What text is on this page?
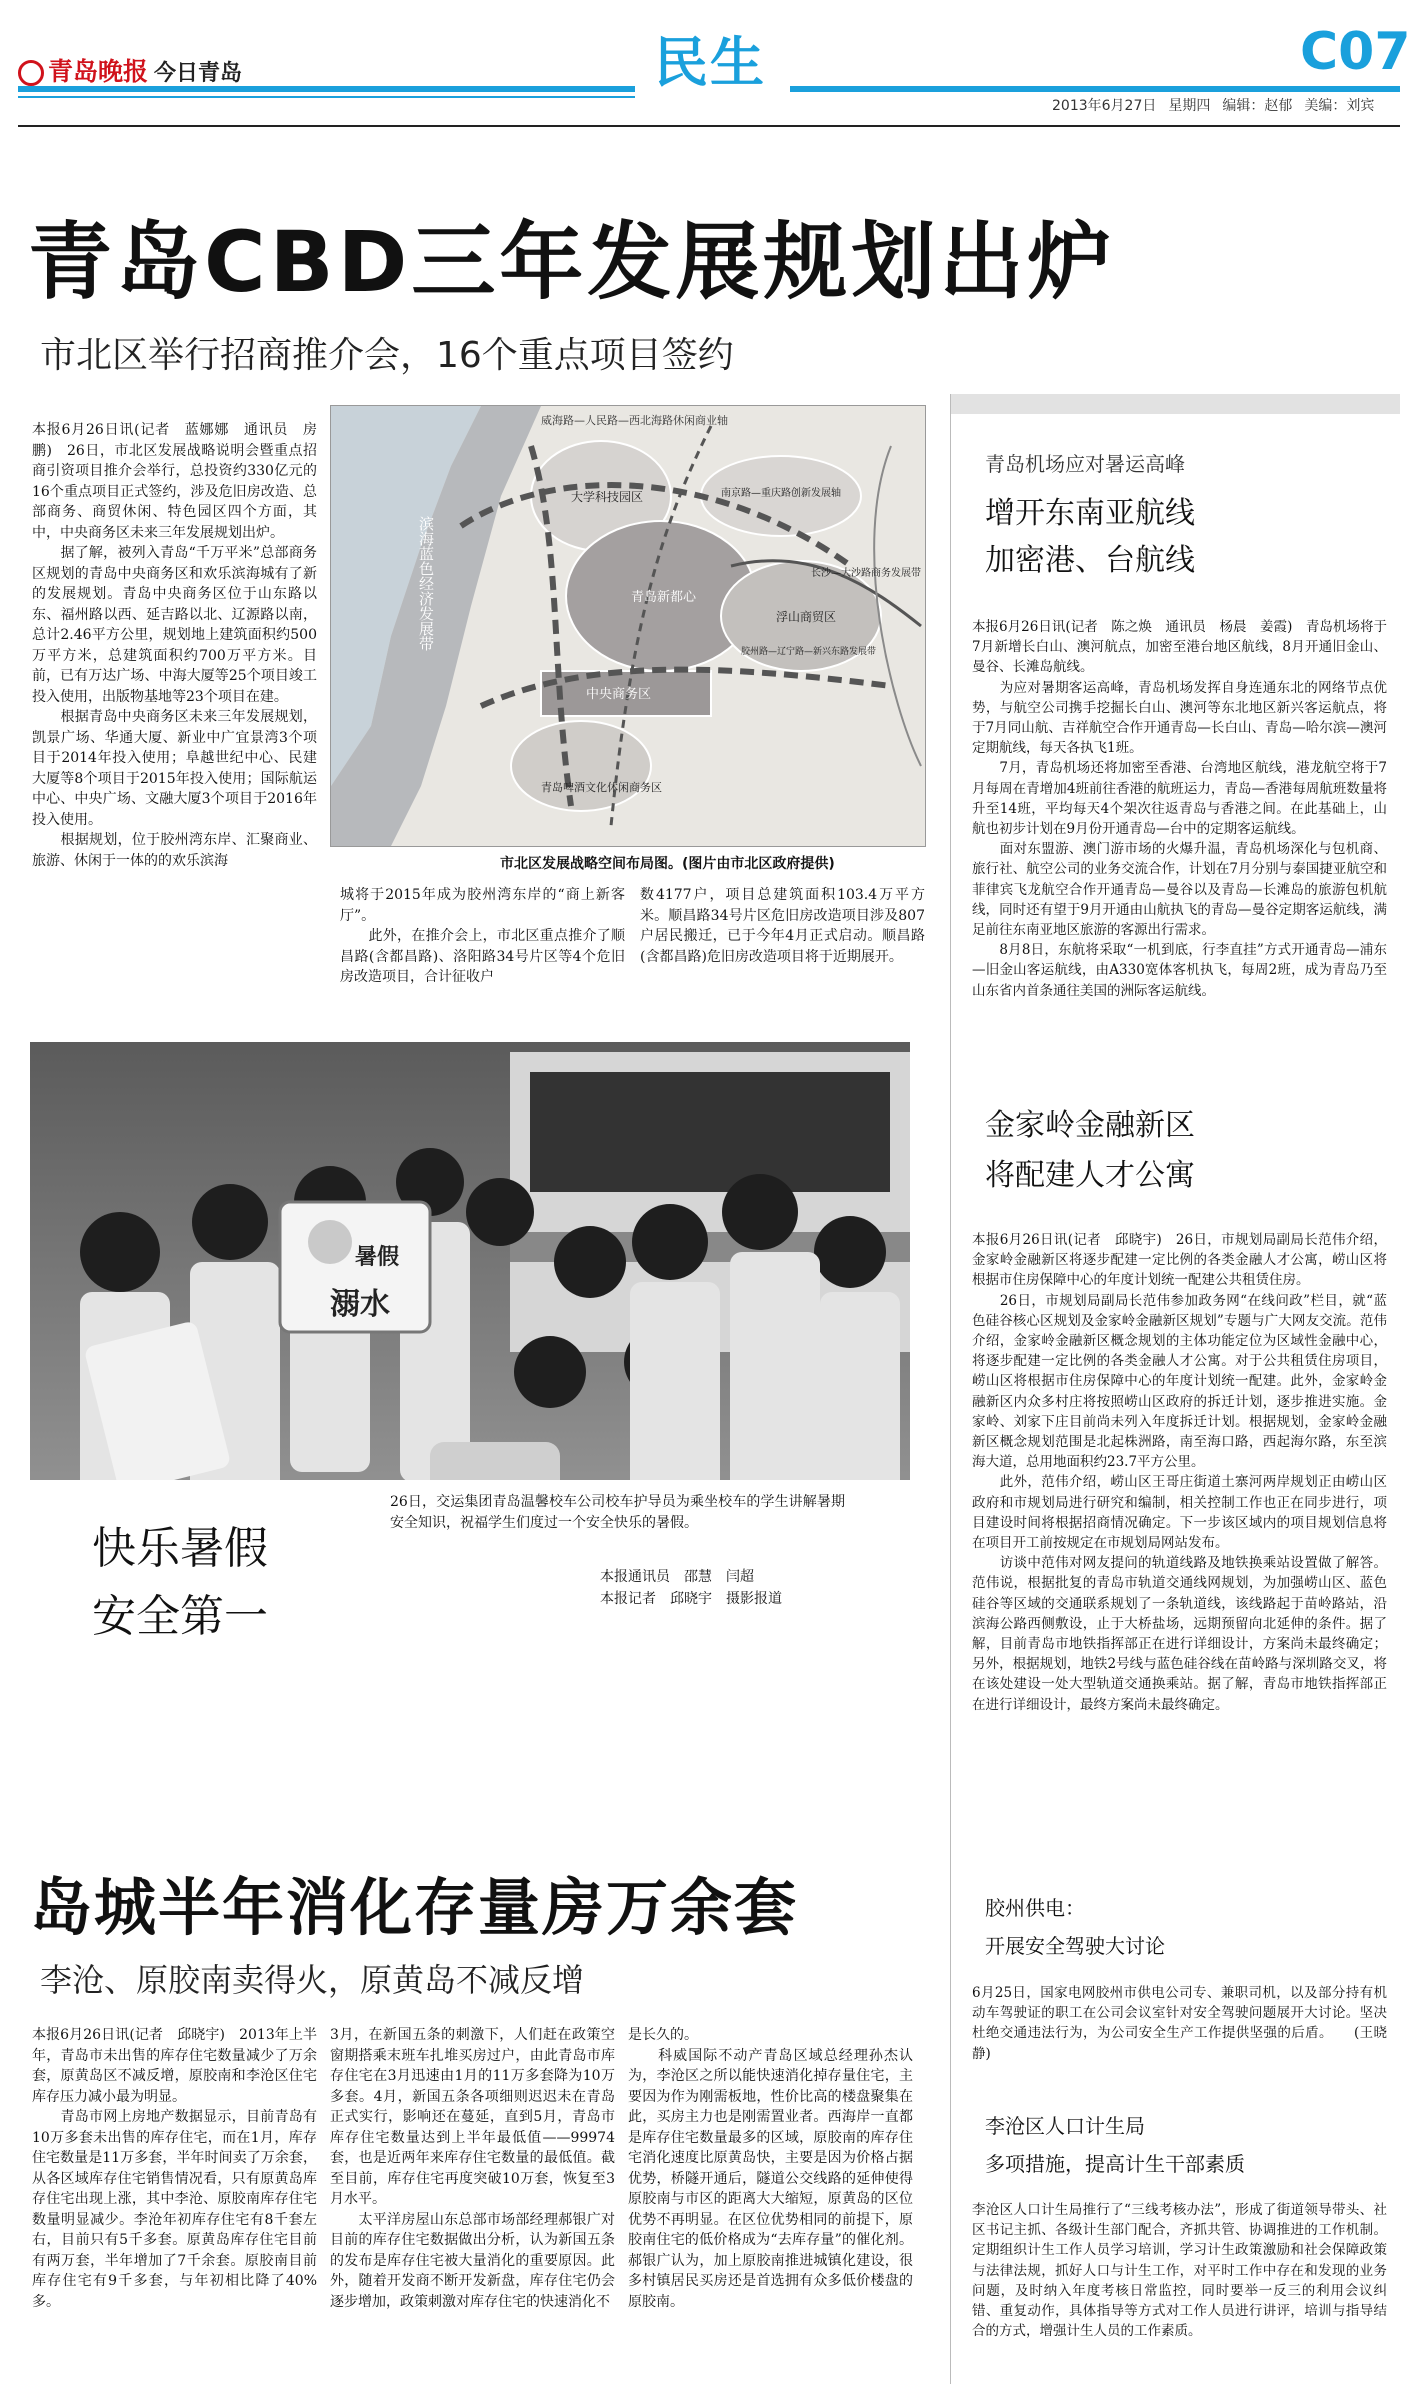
青岛晚报 今日青岛	民生	C07
2013年6月27日 星期四 编辑：赵郁 美编：刘宾
青岛CBD三年发展规划出炉
市北区举行招商推介会，16个重点项目签约

本报6月26日讯(记者　蓝娜娜　通讯员　房鹏)　26日，市北区发展战略说明会暨重点招商引资项目推介会举行，总投资约330亿元的16个重点项目正式签约，涉及危旧房改造、总部商务、商贸休闲、特色园区四个方面，其中，中央商务区未来三年发展规划出炉。
　　据了解，被列入青岛“千万平米”总部商务区规划的青岛中央商务区和欢乐滨海城有了新的发展规划。青岛中央商务区位于山东路以东、福州路以西、延吉路以北、辽源路以南，总计2.46平方公里，规划地上建筑面积约500万平方米，总建筑面积约700万平方米。目前，已有万达广场、中海大厦等25个项目竣工投入使用，出版物基地等23个项目在建。
　　根据青岛中央商务区未来三年发展规划，凯景广场、华通大厦、新业中广宜景湾3个项目于2014年投入使用；阜越世纪中心、民建大厦等8个项目于2015年投入使用；国际航运中心、中央广场、文融大厦3个项目于2016年投入使用。
　　根据规划，位于胶州湾东岸、汇聚商业、旅游、休闲于一体的的欢乐滨海

威海路—人民路—西北海路休闲商业轴
滨海蓝色经济发展带
大学科技园区	南京路—重庆路创新发展轴
青岛新都心
长沙—大沙路商务发展带
浮山商贸区
胶州路—辽宁路—新兴东路发展带
中央商务区
青岛啤酒文化休闲商务区
市北区发展战略空间布局图。(图片由市北区政府提供)

城将于2015年成为胶州湾东岸的“商上新客厅”。
　　此外，在推介会上，市北区重点推介了顺昌路(含都昌路)、洛阳路34号片区等4个危旧房改造项目，合计征收户

数4177户，项目总建筑面积103.4万平方米。顺昌路34号片区危旧房改造项目涉及807户居民搬迁，已于今年4月正式启动。顺昌路(含都昌路)危旧房改造项目将于近期展开。

暑假
溺水
快乐暑假
安全第一

26日，交运集团青岛温馨校车公司校车护导员为乘坐校车的学生讲解暑期安全知识，祝福学生们度过一个安全快乐的暑假。

本报通讯员　邵慧　闫超
本报记者　邱晓宇　摄影报道
岛城半年消化存量房万余套
李沧、原胶南卖得火，原黄岛不减反增

本报6月26日讯(记者　邱晓宇)　2013年上半年，青岛市未出售的库存住宅数量减少了万余套，原黄岛区不减反增，原胶南和李沧区住宅库存压力减小最为明显。
　　青岛市网上房地产数据显示，目前青岛有10万多套未出售的库存住宅，而在1月，库存住宅数量是11万多套，半年时间卖了万余套，从各区域库存住宅销售情况看，只有原黄岛库存住宅出现上涨，其中李沧、原胶南库存住宅数量明显减少。李沧年初库存住宅有8千套左右，目前只有5千多套。原黄岛库存住宅目前有两万套，半年增加了7千余套。原胶南目前库存住宅有9千多套，与年初相比降了40%多。

3月，在新国五条的刺激下，人们赶在政策空窗期搭乘末班车扎堆买房过户，由此青岛市库存住宅在3月迅速由1月的11万多套降为10万多套。4月，新国五条各项细则迟迟未在青岛正式实行，影响还在蔓延，直到5月，青岛市库存住宅数量达到上半年最低值——99974套，也是近两年来库存住宅数量的最低值。截至目前，库存住宅再度突破10万套，恢复至3月水平。
　　太平洋房屋山东总部市场部经理郝银广对目前的库存住宅数据做出分析，认为新国五条的发布是库存住宅被大量消化的重要原因。此外，随着开发商不断开发新盘，库存住宅仍会逐步增加，政策刺激对库存住宅的快速消化不

是长久的。
　　科威国际不动产青岛区域总经理孙杰认为，李沧区之所以能快速消化掉存量住宅，主要因为作为刚需板地，性价比高的楼盘聚集在此，买房主力也是刚需置业者。西海岸一直都是库存住宅数量最多的区域，原胶南的库存住宅消化速度比原黄岛快，主要是因为价格占据优势，桥隧开通后，隧道公交线路的延伸使得原胶南与市区的距离大大缩短，原黄岛的区位优势不再明显。在区位优势相同的前提下，原胶南住宅的低价格成为“去库存量”的催化剂。郝银广认为，加上原胶南推进城镇化建设，很多村镇居民买房还是首选拥有众多低价楼盘的原胶南。

青岛机场应对暑运高峰
增开东南亚航线
加密港、台航线

本报6月26日讯(记者　陈之焕　通讯员　杨晨　姜霞)　青岛机场将于7月新增长白山、澳河航点，加密至港台地区航线，8月开通旧金山、曼谷、长滩岛航线。
　　为应对暑期客运高峰，青岛机场发挥自身连通东北的网络节点优势，与航空公司携手挖掘长白山、澳河等东北地区新兴客运航点，将于7月同山航、吉祥航空合作开通青岛—长白山、青岛—哈尔滨—澳河定期航线，每天各执飞1班。
　　7月，青岛机场还将加密至香港、台湾地区航线，港龙航空将于7月每周在青增加4班前往香港的航班运力，青岛—香港每周航班数量将升至14班，平均每天4个架次往返青岛与香港之间。在此基础上，山航也初步计划在9月份开通青岛—台中的定期客运航线。
　　面对东盟游、澳门游市场的火爆升温，青岛机场深化与包机商、旅行社、航空公司的业务交流合作，计划在7月分别与泰国捷亚航空和菲律宾飞龙航空合作开通青岛—曼谷以及青岛—长滩岛的旅游包机航线，同时还有望于9月开通由山航执飞的青岛—曼谷定期客运航线，满足前往东南亚地区旅游的客源出行需求。
　　8月8日，东航将采取“一机到底，行李直挂”方式开通青岛—浦东—旧金山客运航线，由A330宽体客机执飞，每周2班，成为青岛乃至山东省内首条通往美国的洲际客运航线。

金家岭金融新区
将配建人才公寓

本报6月26日讯(记者　邱晓宇)　26日，市规划局副局长范伟介绍，金家岭金融新区将逐步配建一定比例的各类金融人才公寓，崂山区将根据市住房保障中心的年度计划统一配建公共租赁住房。
　　26日，市规划局副局长范伟参加政务网“在线问政”栏目，就“蓝色硅谷核心区规划及金家岭金融新区规划”专题与广大网友交流。范伟介绍，金家岭金融新区概念规划的主体功能定位为区域性金融中心，将逐步配建一定比例的各类金融人才公寓。对于公共租赁住房项目，崂山区将根据市住房保障中心的年度计划统一配建。此外，金家岭金融新区内众多村庄将按照崂山区政府的拆迁计划，逐步推进实施。金家岭、刘家下庄目前尚未列入年度拆迁计划。根据规划，金家岭金融新区概念规划范围是北起株洲路，南至海口路，西起海尔路，东至滨海大道，总用地面积约23.7平方公里。
　　此外，范伟介绍，崂山区王哥庄街道土寨河两岸规划正由崂山区政府和市规划局进行研究和编制，相关控制工作也正在同步进行，项目建设时间将根据招商情况确定。下一步该区域内的项目规划信息将在项目开工前按规定在市规划局网站发布。
　　访谈中范伟对网友提问的轨道线路及地铁换乘站设置做了解答。范伟说，根据批复的青岛市轨道交通线网规划，为加强崂山区、蓝色硅谷等区域的交通联系规划了一条轨道线，该线路起于苗岭路站，沿滨海公路西侧敷设，止于大桥盐场，远期预留向北延伸的条件。据了解，目前青岛市地铁指挥部正在进行详细设计，方案尚未最终确定；另外，根据规划，地铁2号线与蓝色硅谷线在苗岭路与深圳路交叉，将在该处建设一处大型轨道交通换乘站。据了解，青岛市地铁指挥部正在进行详细设计，最终方案尚未最终确定。

胶州供电：
开展安全驾驶大讨论

6月25日，国家电网胶州市供电公司专、兼职司机，以及部分持有机动车驾驶证的职工在公司会议室针对安全驾驶问题展开大讨论。坚决杜绝交通违法行为，为公司安全生产工作提供坚强的后盾。　　(王晓静)

李沧区人口计生局
多项措施，提高计生干部素质

李沧区人口计生局推行了“三线考核办法”，形成了街道领导带头、社区书记主抓、各级计生部门配合，齐抓共管、协调推进的工作机制。定期组织计生工作人员学习培训，学习计生政策激励和社会保障政策与法律法规，抓好人口与计生工作，对平时工作中存在和发现的业务问题，及时纳入年度考核日常监控，同时要举一反三的利用会议纠错、重复动作，具体指导等方式对工作人员进行讲评，培训与指导结合的方式，增强计生人员的工作素质。
